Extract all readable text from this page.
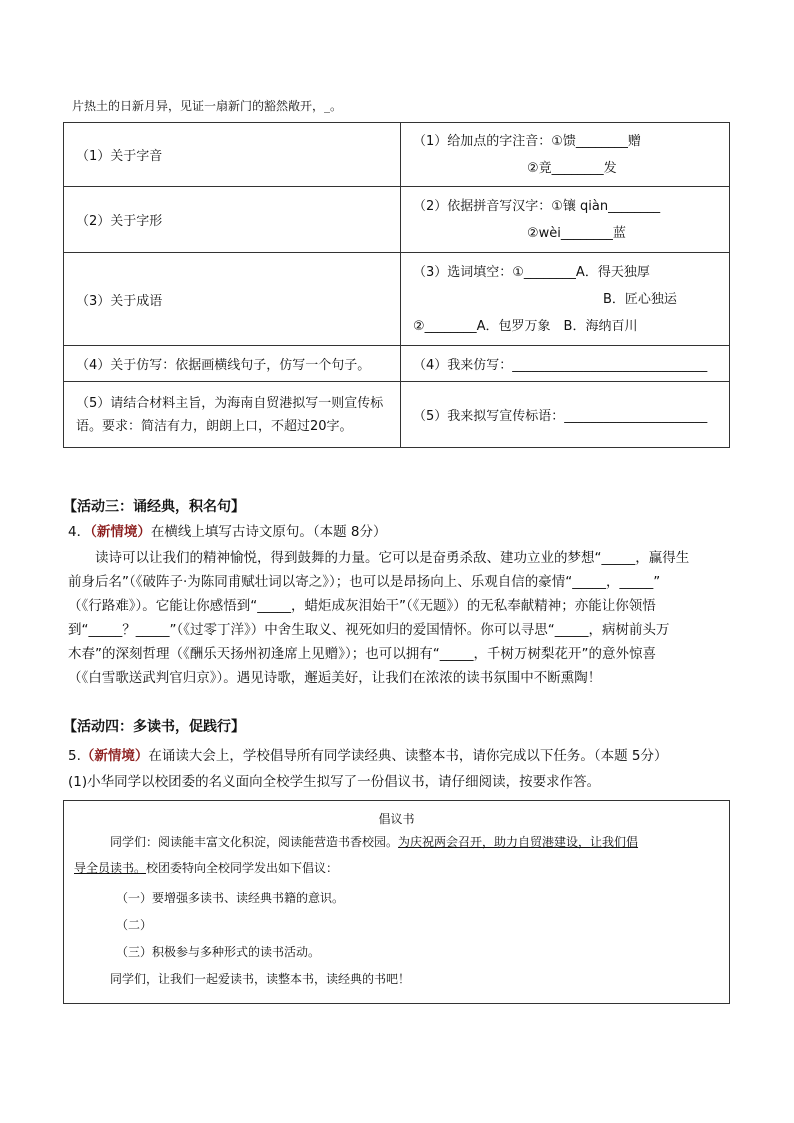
片热土的日新月异，见证一扇新门的豁然敞开，_。
（1）关于字音	（1）给加点的字注音：①馈________赠
②竟________发

（2）关于字形	（2）依据拼音写汉字：①镶 qiàn________
②wèi________蓝

（3）关于成语	（3）选词填空：①________A．得天独厚
B．匠心独运
②________A．包罗万象　B．海纳百川

（4）关于仿写：依据画横线句子，仿写一个句子。	（4）我来仿写：______________________________
（5）请结合材料主旨，为海南自贸港拟写一则宣传标语。要求：简洁有力，朗朗上口，不超过20字。	（5）我来拟写宣传标语：______________________
【活动三：诵经典，积名句】
4．（新情境）在横线上填写古诗文原句。（本题 8分）
读诗可以让我们的精神愉悦，得到鼓舞的力量。它可以是奋勇杀敌、建功立业的梦想“_____，赢得生
前身后名”（《破阵子·为陈同甫赋壮词以寄之》）；也可以是昂扬向上、乐观自信的豪情“_____，_____”
（《行路难》）。它能让你感悟到“_____，蜡炬成灰泪始干”（《无题》）的无私奉献精神；亦能让你领悟
到“_____？_____”（《过零丁洋》）中舍生取义、视死如归的爱国情怀。你可以寻思“_____，病树前头万
木春”的深刻哲理（《酬乐天扬州初逢席上见赠》）；也可以拥有“_____，千树万树梨花开”的意外惊喜
（《白雪歌送武判官归京》）。遇见诗歌，邂逅美好，让我们在浓浓的读书氛围中不断熏陶！
【活动四：多读书，促践行】
5.（新情境）在诵读大会上，学校倡导所有同学读经典、读整本书，请你完成以下任务。（本题 5分）
(1)小华同学以校团委的名义面向全校学生拟写了一份倡议书，请仔细阅读，按要求作答。
倡议书
同学们：阅读能丰富文化积淀，阅读能营造书香校园。为庆祝两会召开，助力自贸港建设，让我们倡
导全员读书。校团委特向全校同学发出如下倡议：
（一）要增强多读书、读经典书籍的意识。
（二）
（三）积极参与多种形式的读书活动。
同学们，让我们一起爱读书，读整本书，读经典的书吧！
